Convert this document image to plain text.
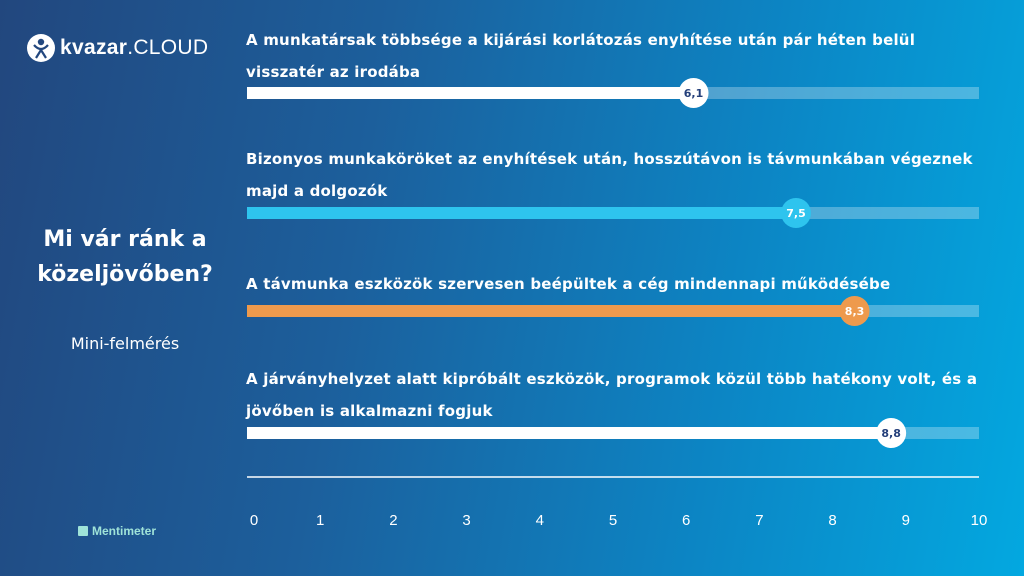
kvazar.CLOUD
Mi vár ránk a közeljövőben?
Mini-felmérés
A munkatársak többsége a kijárási korlátozás enyhítése után pár héten belül visszatér az irodába
Bizonyos munkaköröket az enyhítések után, hosszútávon is távmunkában végeznek majd a dolgozók
A távmunka eszközök szervesen beépültek a cég mindennapi működésébe
A járványhelyzet alatt kipróbált eszközök, programok közül több hatékony volt, és a jövőben is alkalmazni fogjuk
6,1
7,5
8,3
8,8
0	1	2	3	4	5	6	7	8	9	10
Mentimeter
